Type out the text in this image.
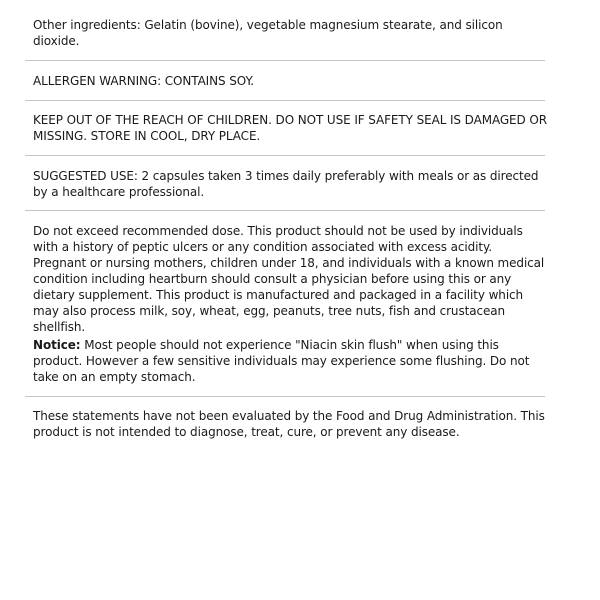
Other ingredients: Gelatin (bovine), vegetable magnesium stearate, and silicon dioxide.

ALLERGEN WARNING: CONTAINS SOY.

KEEP OUT OF THE REACH OF CHILDREN. DO NOT USE IF SAFETY SEAL IS DAMAGED OR MISSING. STORE IN COOL, DRY PLACE.

SUGGESTED USE: 2 capsules taken 3 times daily preferably with meals or as directed by a healthcare professional.

Do not exceed recommended dose. This product should not be used by individuals with a history of peptic ulcers or any condition associated with excess acidity. Pregnant or nursing mothers, children under 18, and individuals with a known medical condition including heartburn should consult a physician before using this or any dietary supplement. This product is manufactured and packaged in a facility which may also process milk, soy, wheat, egg, peanuts, tree nuts, fish and crustacean shellfish.

Notice: Most people should not experience "Niacin skin flush" when using this product. However a few sensitive individuals may experience some flushing. Do not take on an empty stomach.

These statements have not been evaluated by the Food and Drug Administration. This product is not intended to diagnose, treat, cure, or prevent any disease.
